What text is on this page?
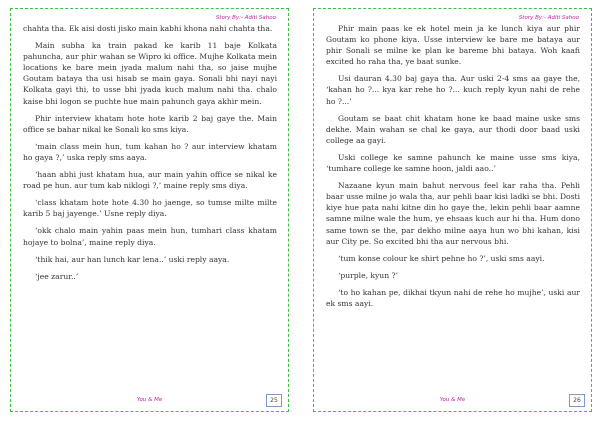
Story By:- Aditi Sahoo

chahta tha. Ek aisi dosti jisko main kabhi khona nahi chahta tha.

Main subha ka train pakad ke karib 11 baje Kolkata pahuncha, aur phir wahan se Wipro ki office. Mujhe Kolkata mein locations ke bare mein jyada malum nahi tha, so jaise mujhe Goutam bataya tha usi hisab se main gaya. Sonali bhi nayi nayi Kolkata gayi thi, to usse bhi jyada kuch malum nahi tha. chalo kaise bhi logon se puchte hue main pahunch gaya akhir mein.

Phir interview khatam hote hote karib 2 baj gaye the. Main office se bahar nikal ke Sonali ko sms kiya.

‘main class mein hun, tum kahan ho ? aur interview khatam ho gaya ?,’ uska reply sms aaya.

‘haan abhi just khatam hua, aur main yahin office se nikal ke road pe hun. aur tum kab niklogi ?,’ maine reply sms diya.

‘class khatam hote hote 4.30 ho jaenge, so tumse milte milte karib 5 baj jayenge.’ Usne reply diya.

‘okk chalo main yahin paas mein hun, tumhari class khatam hojaye to bolna’, maine reply diya.

‘thik hai, aur han lunch kar lena..’ uski reply aaya.

‘jee zarur..’

You & Me	25
Story By:- Aditi Sahoo

Phir main paas ke ek hotel mein ja ke lunch kiya aur phir Goutam ko phone kiya. Usse interview ke bare me bataya aur phir Sonali se milne ke plan ke bareme bhi bataya. Woh kaafi excited ho raha tha, ye baat sunke.

Usi dauran 4.30 baj gaya tha. Aur uski 2-4 sms aa gaye the, ‘kahan ho ?... kya kar rehe ho ?... kuch reply kyun nahi de rehe ho ?...’

Goutam se baat chit khatam hone ke baad maine uske sms dekhe. Main wahan se chal ke gaya, aur thodi door baad uski college aa gayi.

Uski college ke samne pahunch ke maine usse sms kiya, ‘tumhare college ke samne hoon, jaldi aao..’

Nazaane kyun main bahut nervous feel kar raha tha. Pehli baar usse milne jo wala tha, aur pehli baar kisi ladki se bhi. Dosti kiye hue pata nahi kitne din ho gaye the, lekin pehli baar aamne samne milne wale the hum, ye ehsaas kuch aur hi tha. Hum dono same town se the, par dekho milne aaya hun wo bhi kahan, kisi aur City pe. So excited bhi tha aur nervous bhi.

‘tum konse colour ke shirt pehne ho ?’, uski sms aayi.

‘purple, kyun ?’

‘to ho kahan pe, dikhai tkyun nahi de rehe ho mujhe’, uski aur ek sms aayi.

You & Me	26
